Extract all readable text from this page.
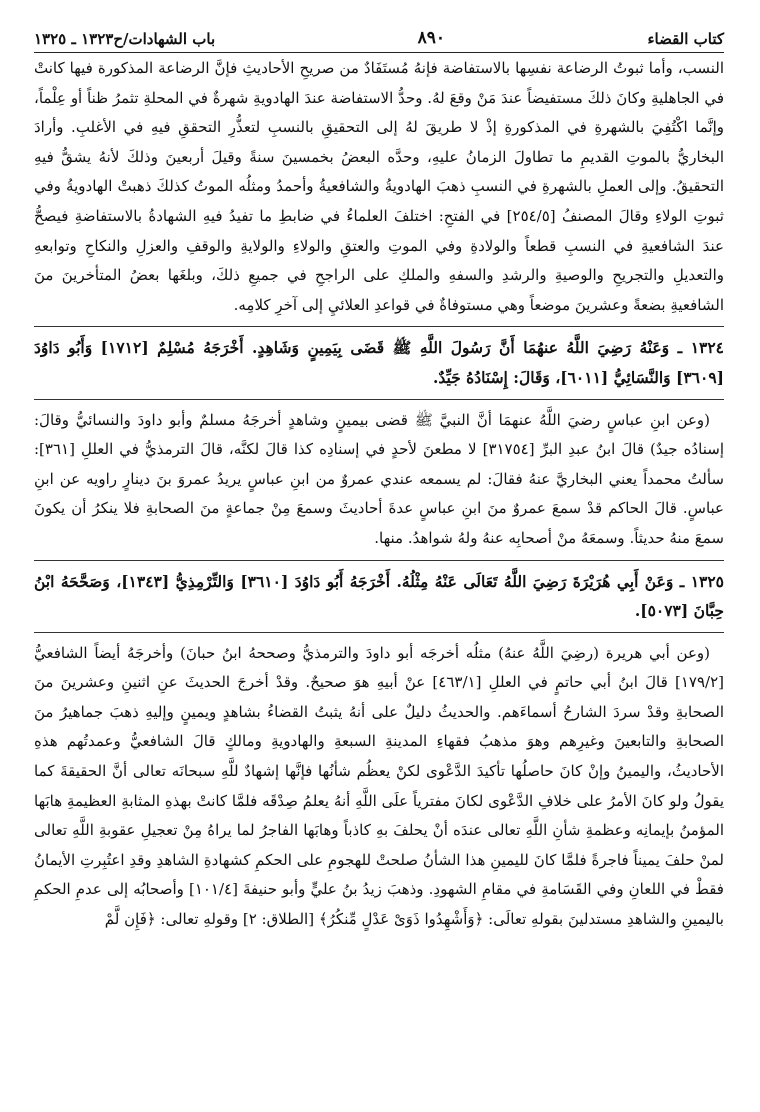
كتاب القضاء
٨٩٠
باب الشهادات/ح١٣٢٣ ـ ١٣٢٥

النسب، وأما ثبوتُ الرضاعة نفسِها بالاستفاضة فإنهُ مُستَفَادٌ من صريحِ الأحاديثِ فإنَّ الرضاعة المذكورة فيها كانتْ في الجاهليةِ وكانَ ذلكَ مستفيضاً عندَ مَنْ وقعَ لهُ. وحدُّ الاستفاضة عندَ الهادويةِ شهرةٌ في المحلةِ تثمرُ ظناً أو عِلْماً، وإنَّما اكْتُفِيَ بالشهرةِ في المذكورةِ إذْ لا طريقَ لهُ إلى التحقيقِ بالنسبِ لتعذُّرِ التحققِ فيهِ في الأغلبِ. وأرادَ البخاريُّ بالموتِ القديمِ ما تطاولَ الزمانُ عليهِ، وحدَّه البعضُ بخمسينَ سنةً وقيلَ أربعينَ وذلكَ لأنهُ يشقُّ فيهِ التحقيقُ. وإلى العملِ بالشهرةِ في النسبِ ذهبَ الهادويةُ والشافعيةُ وأحمدُ ومثلُه الموتُ كذلكَ ذهبتْ الهادويةُ وفي ثبوتِ الولاءِ وقالَ المصنفُ [٢٥٤/٥] في الفتحِ: اختلفَ العلماءُ في ضابطِ ما تفيدُ فيهِ الشهادةُ بالاستفاضةِ فيصحُّ عندَ الشافعيةِ في النسبِ قطعاً والولادةِ وفي الموتِ والعتقِ والولاءِ والولايةِ والوقفِ والعزلِ والنكاحِ وتوابعهِ والتعديلِ والتجريحِ والوصيةِ والرشدِ والسفهِ والملكِ على الراجحِ في جميعِ ذلكَ، وبلغَها بعضُ المتأخرينَ منَ الشافعيةِ بضعةً وعشرينَ موضعاً وهي مستوفاةٌ في قواعدِ العلائيِ إلى آخرِ كلامِه.

١٣٢٤ ـ وَعَنْهُ رَضِيَ اللَّهُ عنهُمَا أَنَّ رَسُولَ اللَّهِ ﷺ قَضَى بِيَمِينٍ وَشَاهِدٍ. أَخْرَجَهُ مُسْلِمٌ [١٧١٢] وَأَبُو دَاوُدَ [٣٦٠٩] وَالنَّسَائِيُّ [٦٠١١]، وَقَالَ: إِسْنَادُهُ جَيِّدٌ.

(وعن ابنِ عباسٍ رضيَ اللَّهُ عنهمَا أنَّ النبيَّ ﷺ قضى بيمينٍ وشاهدٍ أخرجَهُ مسلمٌ وأبو داودَ والنسائيُّ وقالَ: إسنادُه جيدٌ) قالَ ابنُ عبدِ البرِّ [٣١٧٥٤] لا مطعنَ لأحدٍ في إسنادِه كذا قالَ لكنَّه، قالَ الترمذيُّ في العللِ [٣٦١]: سألتُ محمداً يعني البخاريَّ عنهُ فقالَ: لم يسمعه عندي عمروٌ من ابنِ عباسٍ يريدُ عمروَ بنَ دينارٍ راويه عن ابنِ عباسٍ. قالَ الحاكم قدْ سمعَ عمروٌ منَ ابنِ عباسٍ عدةَ أحاديثَ وسمعَ مِنْ جماعةٍ منَ الصحابةِ فلا ينكرُ أن يكونَ سمعَ منهُ حديثاً. وسمعَهُ منْ أصحابِه عنهُ ولهُ شواهدُ. منها.

١٣٢٥ ـ وَعَنْ أَبِي هُرَيْرَةَ رَضِيَ اللَّهُ تَعَالَى عَنْهُ مِثْلُهُ. أَخْرَجَهُ أَبُو دَاوُدَ [٣٦١٠] وَالتِّرْمِذِيُّ [١٣٤٣]، وَصَحَّحَهُ ابْنُ حِبَّانَ [٥٠٧٣].

(وعن أبي هريرة (رضِيَ اللَّهُ عنهُ) مثلُه أخرجَه أبو داودَ والترمذيُّ وصححهُ ابنُ حبانَ) وأخرجَهُ أيضاً الشافعيُّ [١٧٩/٢] قالَ ابنُ أبي حاتمٍ في العللِ [٤٦٣/١] عنْ أبيهِ هوَ صحيحٌ. وقدْ أخرجَ الحديثَ عنِ اثنينِ وعشرينَ منَ الصحابةِ وقدْ سردَ الشارحُ أسماءَهم. والحديثُ دليلٌ على أنهُ يثبتُ القضاءُ بشاهدٍ ويمينٍ وإليهِ ذهبَ جماهيرُ منَ الصحابةِ والتابعينَ وغيرِهم وهوَ مذهبُ فقهاءِ المدينةِ السبعةِ والهادويةِ ومالكٍ قالَ الشافعيُّ وعمدتُهم هذهِ الأحاديثُ، واليمينُ وإنْ كانَ حاصلُها تأكيدَ الدَّعْوى لكنْ يعظُم شأنُها فإنَّها إشهادٌ للَّهِ سبحانَه تعالى أنَّ الحقيقةَ كما يقولُ ولو كانَ الأمرُ على خلافِ الدَّعْوى لكانَ مفترياً علَى اللَّهِ أنهُ يعلمُ صِدْقَه فلمَّا كانتْ بهذهِ المثابةِ العظيمةِ هابَها المؤمنُ بإيمانِه وعظمةِ شأنِ اللَّهِ تعالى عندَه أنْ يحلفَ بهِ كاذباً وهابَها الفاجرُ لما يراهُ مِنْ تعجيلِ عقوبةِ اللَّهِ تعالى لمنْ حلفَ يميناً فاجرةً فلمَّا كانَ لليمينِ هذا الشأنُ صلحتْ للهجومِ على الحكمِ كشهادةِ الشاهدِ وقدِ اعتُبِرتِ الأيمانُ فقطْ في اللعانِ وفي القَسَامةِ في مقامِ الشهودِ. وذهبَ زيدُ بنُ عليٍّ وأبو حنيفةَ [١٠١/٤] وأصحابُه إلى عدمِ الحكمِ باليمينِ والشاهدِ مستدلينَ بقولهِ تعالَى: ﴿وَأَشْهِدُوا ذَوَىْ عَدْلٍ مِّنكُرُ﴾ [الطلاق: ٢] وقولهِ تعالى: ﴿فَإِن لَّمْ
